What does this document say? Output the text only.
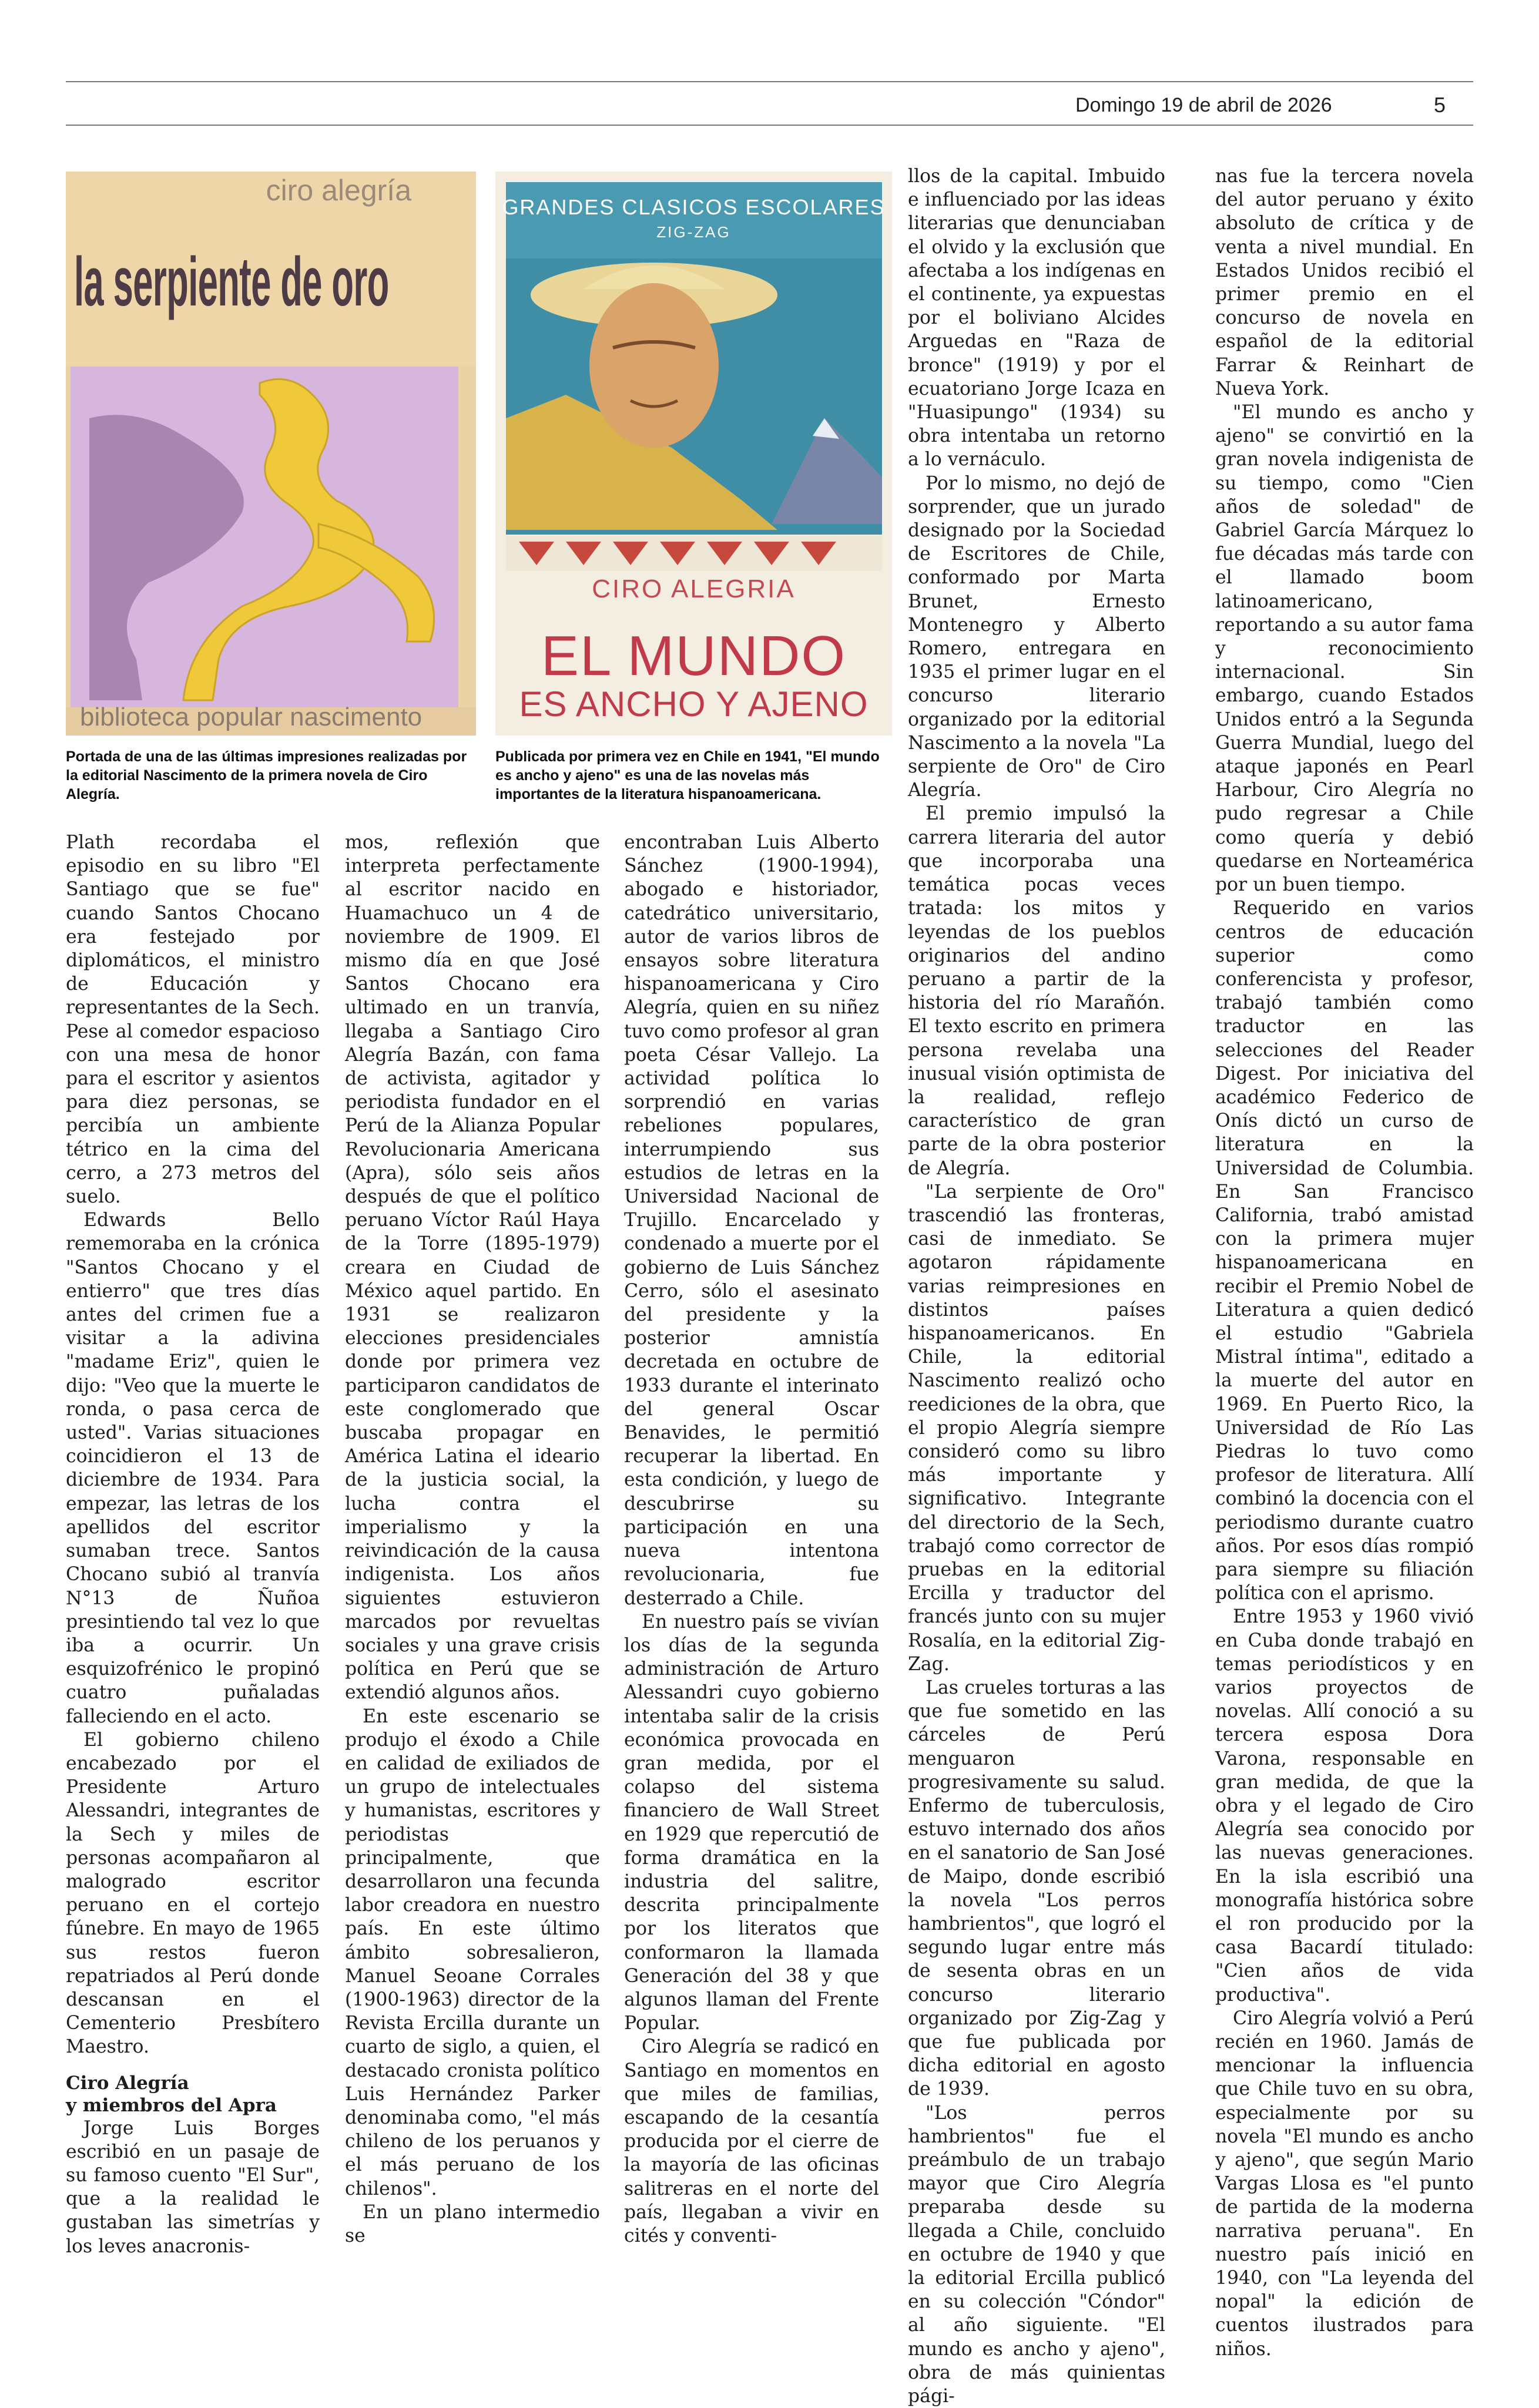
Domingo 19 de abril de 2026	5
ciro alegría
la serpiente de oro
biblioteca popular nascimento
GRANDES CLASICOS ESCOLARES
ZIG-ZAG
CIRO ALEGRIA
EL MUNDO
ES ANCHO Y AJENO
Portada de una de las últimas impresiones realizadas por la editorial Nascimento de la primera novela de Ciro Alegría.
Publicada por primera vez en Chile en 1941, "El mundo es ancho y ajeno" es una de las novelas más importantes de la literatura hispanoamericana.

Plath recordaba el episodio en su libro "El Santiago que se fue" cuando Santos Chocano era festejado por diplomáticos, el ministro de Educación y representantes de la Sech. Pese al comedor espacioso con una mesa de honor para el escritor y asientos para diez personas, se percibía un ambiente tétrico en la cima del cerro, a 273 metros del suelo.

Edwards Bello rememoraba en la crónica "Santos Chocano y el entierro" que tres días antes del crimen fue a visitar a la adivina "madame Eriz", quien le dijo: "Veo que la muerte le ronda, o pasa cerca de usted". Varias situaciones coincidieron el 13 de diciembre de 1934. Para empezar, las letras de los apellidos del escritor sumaban trece. Santos Chocano subió al tranvía N°13 de Ñuñoa presintiendo tal vez lo que iba a ocurrir. Un esquizofrénico le propinó cuatro puñaladas falleciendo en el acto.

El gobierno chileno encabezado por el Presidente Arturo Alessandri, integrantes de la Sech y miles de personas acompañaron al malogrado escritor peruano en el cortejo fúnebre. En mayo de 1965 sus restos fueron repatriados al Perú donde descansan en el Cementerio Presbítero Maestro.

Ciro Alegría
y miembros del Apra

Jorge Luis Borges escribió en un pasaje de su famoso cuento "El Sur", que a la realidad le gustaban las simetrías y los leves anacronis-

mos, reflexión que interpreta perfectamente al escritor nacido en Huamachuco un 4 de noviembre de 1909. El mismo día en que José Santos Chocano era ultimado en un tranvía, llegaba a Santiago Ciro Alegría Bazán, con fama de activista, agitador y periodista fundador en el Perú de la Alianza Popular Revolucionaria Americana (Apra), sólo seis años después de que el político peruano Víctor Raúl Haya de la Torre (1895-1979) creara en Ciudad de México aquel partido. En 1931 se realizaron elecciones presidenciales donde por primera vez participaron candidatos de este conglomerado que buscaba propagar en América Latina el ideario de la justicia social, la lucha contra el imperialismo y la reivindicación de la causa indigenista. Los años siguientes estuvieron marcados por revueltas sociales y una grave crisis política en Perú que se extendió algunos años.

En este escenario se produjo el éxodo a Chile en calidad de exiliados de un grupo de intelectuales y humanistas, escritores y periodistas principalmente, que desarrollaron una fecunda labor creadora en nuestro país. En este último ámbito sobresalieron, Manuel Seoane Corrales (1900-1963) director de la Revista Ercilla durante un cuarto de siglo, a quien, el destacado cronista político Luis Hernández Parker denominaba como, "el más chileno de los peruanos y el más peruano de los chilenos".

En un plano intermedio se

encontraban Luis Alberto Sánchez (1900-1994), abogado e historiador, catedrático universitario, autor de varios libros de ensayos sobre literatura hispanoamericana y Ciro Alegría, quien en su niñez tuvo como profesor al gran poeta César Vallejo. La actividad política lo sorprendió en varias rebeliones populares, interrumpiendo sus estudios de letras en la Universidad Nacional de Trujillo. Encarcelado y condenado a muerte por el gobierno de Luis Sánchez Cerro, sólo el asesinato del presidente y la posterior amnistía decretada en octubre de 1933 durante el interinato del general Oscar Benavides, le permitió recuperar la libertad. En esta condición, y luego de descubrirse su participación en una nueva intentona revolucionaria, fue desterrado a Chile.

En nuestro país se vivían los días de la segunda administración de Arturo Alessandri cuyo gobierno intentaba salir de la crisis económica provocada en gran medida, por el colapso del sistema financiero de Wall Street en 1929 que repercutió de forma dramática en la industria del salitre, descrita principalmente por los literatos que conformaron la llamada Generación del 38 y que algunos llaman del Frente Popular.

Ciro Alegría se radicó en Santiago en momentos en que miles de familias, escapando de la cesantía producida por el cierre de la mayoría de las oficinas salitreras en el norte del país, llegaban a vivir en cités y conventi-

llos de la capital. Imbuido e influenciado por las ideas literarias que denunciaban el olvido y la exclusión que afectaba a los indígenas en el continente, ya expuestas por el boliviano Alcides Arguedas en "Raza de bronce" (1919) y por el ecuatoriano Jorge Icaza en "Huasipungo" (1934) su obra intentaba un retorno a lo vernáculo.

Por lo mismo, no dejó de sorprender, que un jurado designado por la Sociedad de Escritores de Chile, conformado por Marta Brunet, Ernesto Montenegro y Alberto Romero, entregara en 1935 el primer lugar en el concurso literario organizado por la editorial Nascimento a la novela "La serpiente de Oro" de Ciro Alegría.

El premio impulsó la carrera literaria del autor que incorporaba una temática pocas veces tratada: los mitos y leyendas de los pueblos originarios del andino peruano a partir de la historia del río Marañón. El texto escrito en primera persona revelaba una inusual visión optimista de la realidad, reflejo característico de gran parte de la obra posterior de Alegría.

"La serpiente de Oro" trascendió las fronteras, casi de inmediato. Se agotaron rápidamente varias reimpresiones en distintos países hispanoamericanos. En Chile, la editorial Nascimento realizó ocho reediciones de la obra, que el propio Alegría siempre consideró como su libro más importante y significativo. Integrante del directorio de la Sech, trabajó como corrector de pruebas en la editorial Ercilla y traductor del francés junto con su mujer Rosalía, en la editorial Zig-Zag.

Las crueles torturas a las que fue sometido en las cárceles de Perú menguaron progresivamente su salud. Enfermo de tuberculosis, estuvo internado dos años en el sanatorio de San José de Maipo, donde escribió la novela "Los perros hambrientos", que logró el segundo lugar entre más de sesenta obras en un concurso literario organizado por Zig-Zag y que fue publicada por dicha editorial en agosto de 1939.

"Los perros hambrientos" fue el preámbulo de un trabajo mayor que Ciro Alegría preparaba desde su llegada a Chile, concluido en octubre de 1940 y que la editorial Ercilla publicó en su colección "Cóndor" al año siguiente. "El mundo es ancho y ajeno", obra de más quinientas pági-

nas fue la tercera novela del autor peruano y éxito absoluto de crítica y de venta a nivel mundial. En Estados Unidos recibió el primer premio en el concurso de novela en español de la editorial Farrar & Reinhart de Nueva York.

"El mundo es ancho y ajeno" se convirtió en la gran novela indigenista de su tiempo, como "Cien años de soledad" de Gabriel García Márquez lo fue décadas más tarde con el llamado boom latinoamericano, reportando a su autor fama y reconocimiento internacional. Sin embargo, cuando Estados Unidos entró a la Segunda Guerra Mundial, luego del ataque japonés en Pearl Harbour, Ciro Alegría no pudo regresar a Chile como quería y debió quedarse en Norteamérica por un buen tiempo.

Requerido en varios centros de educación superior como conferencista y profesor, trabajó también como traductor en las selecciones del Reader Digest. Por iniciativa del académico Federico de Onís dictó un curso de literatura en la Universidad de Columbia. En San Francisco California, trabó amistad con la primera mujer hispanoamericana en recibir el Premio Nobel de Literatura a quien dedicó el estudio "Gabriela Mistral íntima", editado a la muerte del autor en 1969. En Puerto Rico, la Universidad de Río Las Piedras lo tuvo como profesor de literatura. Allí combinó la docencia con el periodismo durante cuatro años. Por esos días rompió para siempre su filiación política con el aprismo.

Entre 1953 y 1960 vivió en Cuba donde trabajó en temas periodísticos y en varios proyectos de novelas. Allí conoció a su tercera esposa Dora Varona, responsable en gran medida, de que la obra y el legado de Ciro Alegría sea conocido por las nuevas generaciones. En la isla escribió una monografía histórica sobre el ron producido por la casa Bacardí titulado: "Cien años de vida productiva".

Ciro Alegría volvió a Perú recién en 1960. Jamás de mencionar la influencia que Chile tuvo en su obra, especialmente por su novela "El mundo es ancho y ajeno", que según Mario Vargas Llosa es "el punto de partida de la moderna narrativa peruana". En nuestro país inició en 1940, con "La leyenda del nopal" la edición de cuentos ilustrados para niños.
